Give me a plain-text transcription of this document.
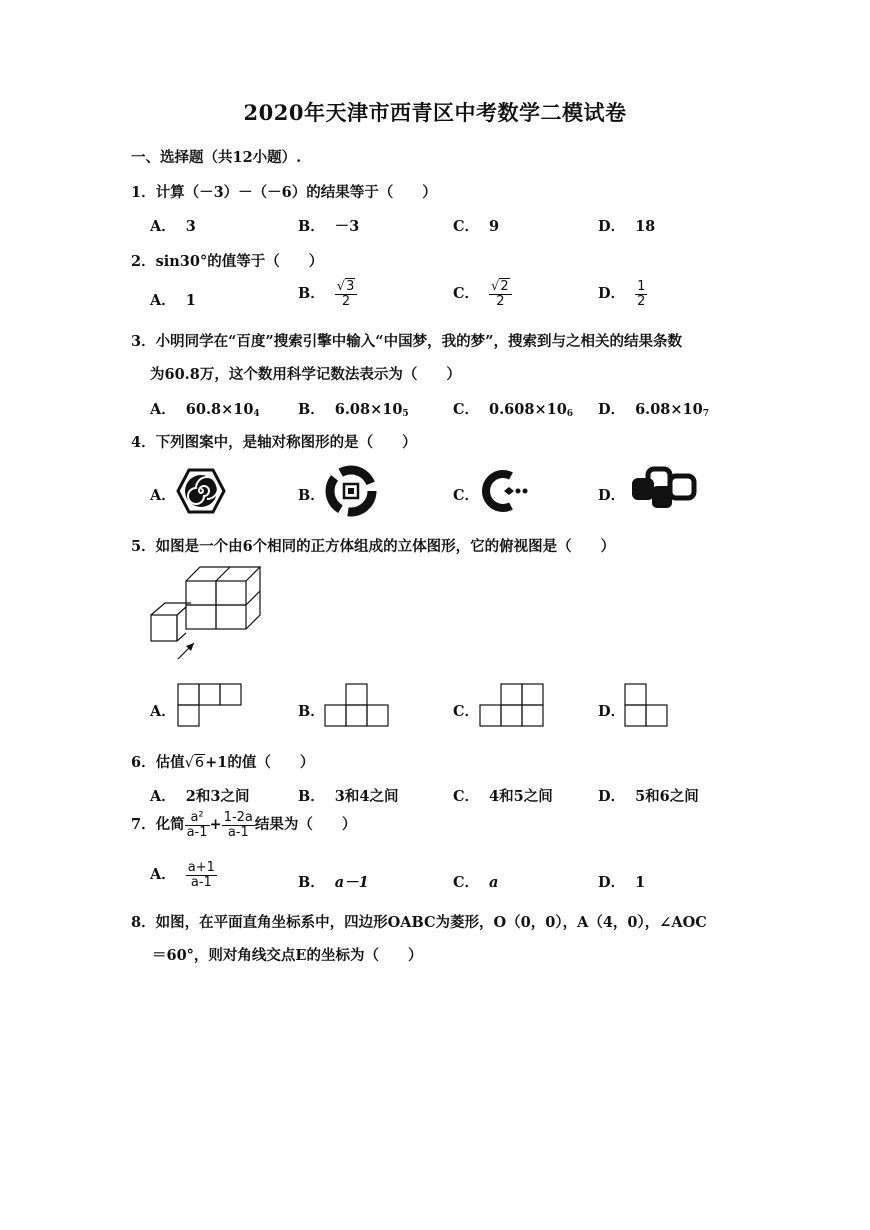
2020年天津市西青区中考数学二模试卷
一、选择题（共12小题）.
1．计算（－3）－（－6）的结果等于（　　）
A． 3	B． －3	C． 9	D． 18
2．sin30°的值等于（　　）
A． 1	B． $\frac{√3}{2}$	C． $\frac{√2}{2}$	D． $\frac{1}{2}$
3．小明同学在“百度”搜索引擎中输入“中国梦，我的梦”，搜索到与之相关的结果条数
为60.8万，这个数用科学记数法表示为（　　）
A． $60.8\times 10_4$	B． $6.08\times 10_5$	C． $0.608\times 10_6$ D． $6.08\times 10_7$
4．下列图案中，是轴对称图形的是（　　）
A．	B．	C．	D．
5．如图是一个由6个相同的正方体组成的立体图形，它的俯视图是（　　）
A．	B．	C．	D．
6．估值√6+1的值（　　）
A． 2和3之间	B． 3和4之间	C． 4和5之间	D． 5和6之间
7．化简 $\frac{\text{a²}}{a-1} + \frac{1-2a}{a-1}$ 结果为（　　）
A． $\frac{a+1}{a-1}$	B． a－1	C． a	D． 1
8．如图，在平面直角坐标系中，四边形OABC为菱形，O（0，0），A（4，0），∠AOC
＝60°，则对角线交点E的坐标为（　　）
